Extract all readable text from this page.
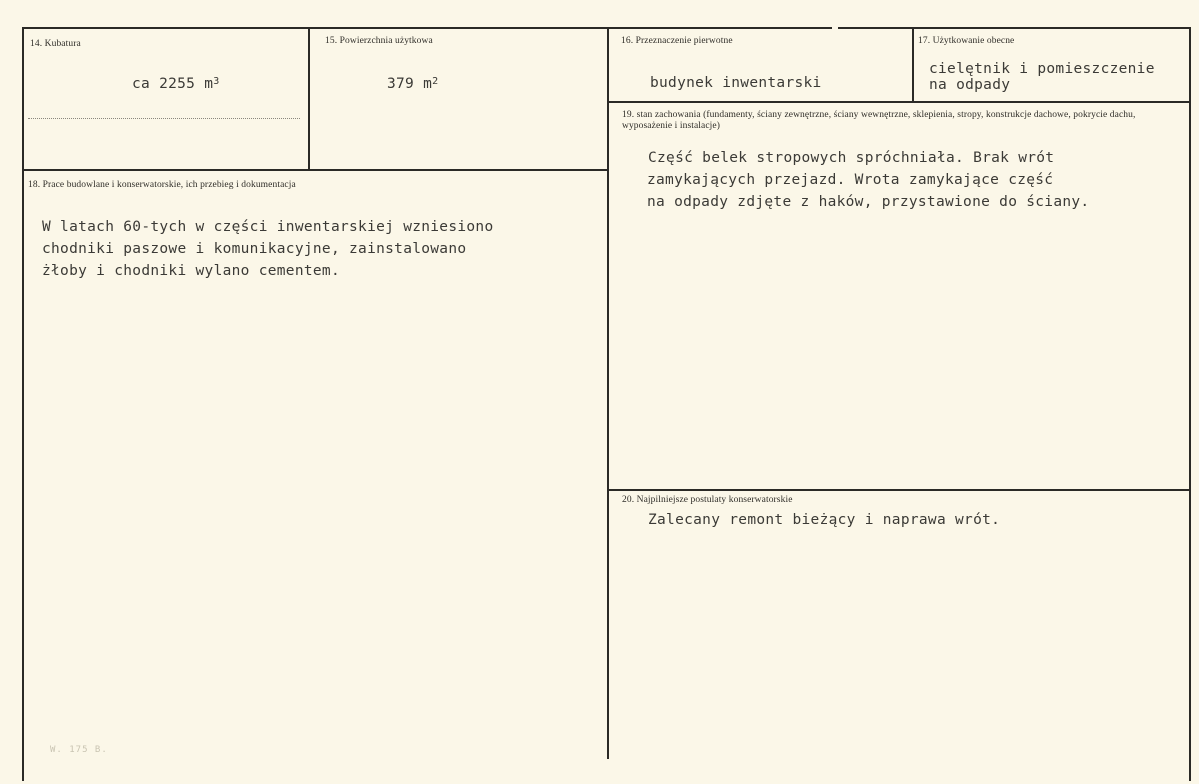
14. Kubatura
ca 2255 $m^3$
15. Powierzchnia użytkowa
379 $m^2$
16. Przeznaczenie pierwotne
budynek inwentarski
17. Użytkowanie obecne
cielętnik i pomieszczenie
na odpady
19. stan zachowania (fundamenty, ściany zewnętrzne, ściany wewnętrzne, sklepienia, stropy, konstrukcje dachowe, pokrycie dachu, wyposażenie i instalacje)
Część belek stropowych spróchniała. Brak wrót
zamykających przejazd. Wrota zamykające część
na odpady zdjęte z haków, przystawione do ściany.
18. Prace budowlane i konserwatorskie, ich przebieg i dokumentacja
W latach 60-tych w części inwentarskiej wzniesiono
chodniki paszowe i komunikacyjne, zainstalowano
żłoby i chodniki wylano cementem.
20. Najpilniejsze postulaty konserwatorskie
Zalecany remont bieżący i naprawa wrót.
W. 175 B.
